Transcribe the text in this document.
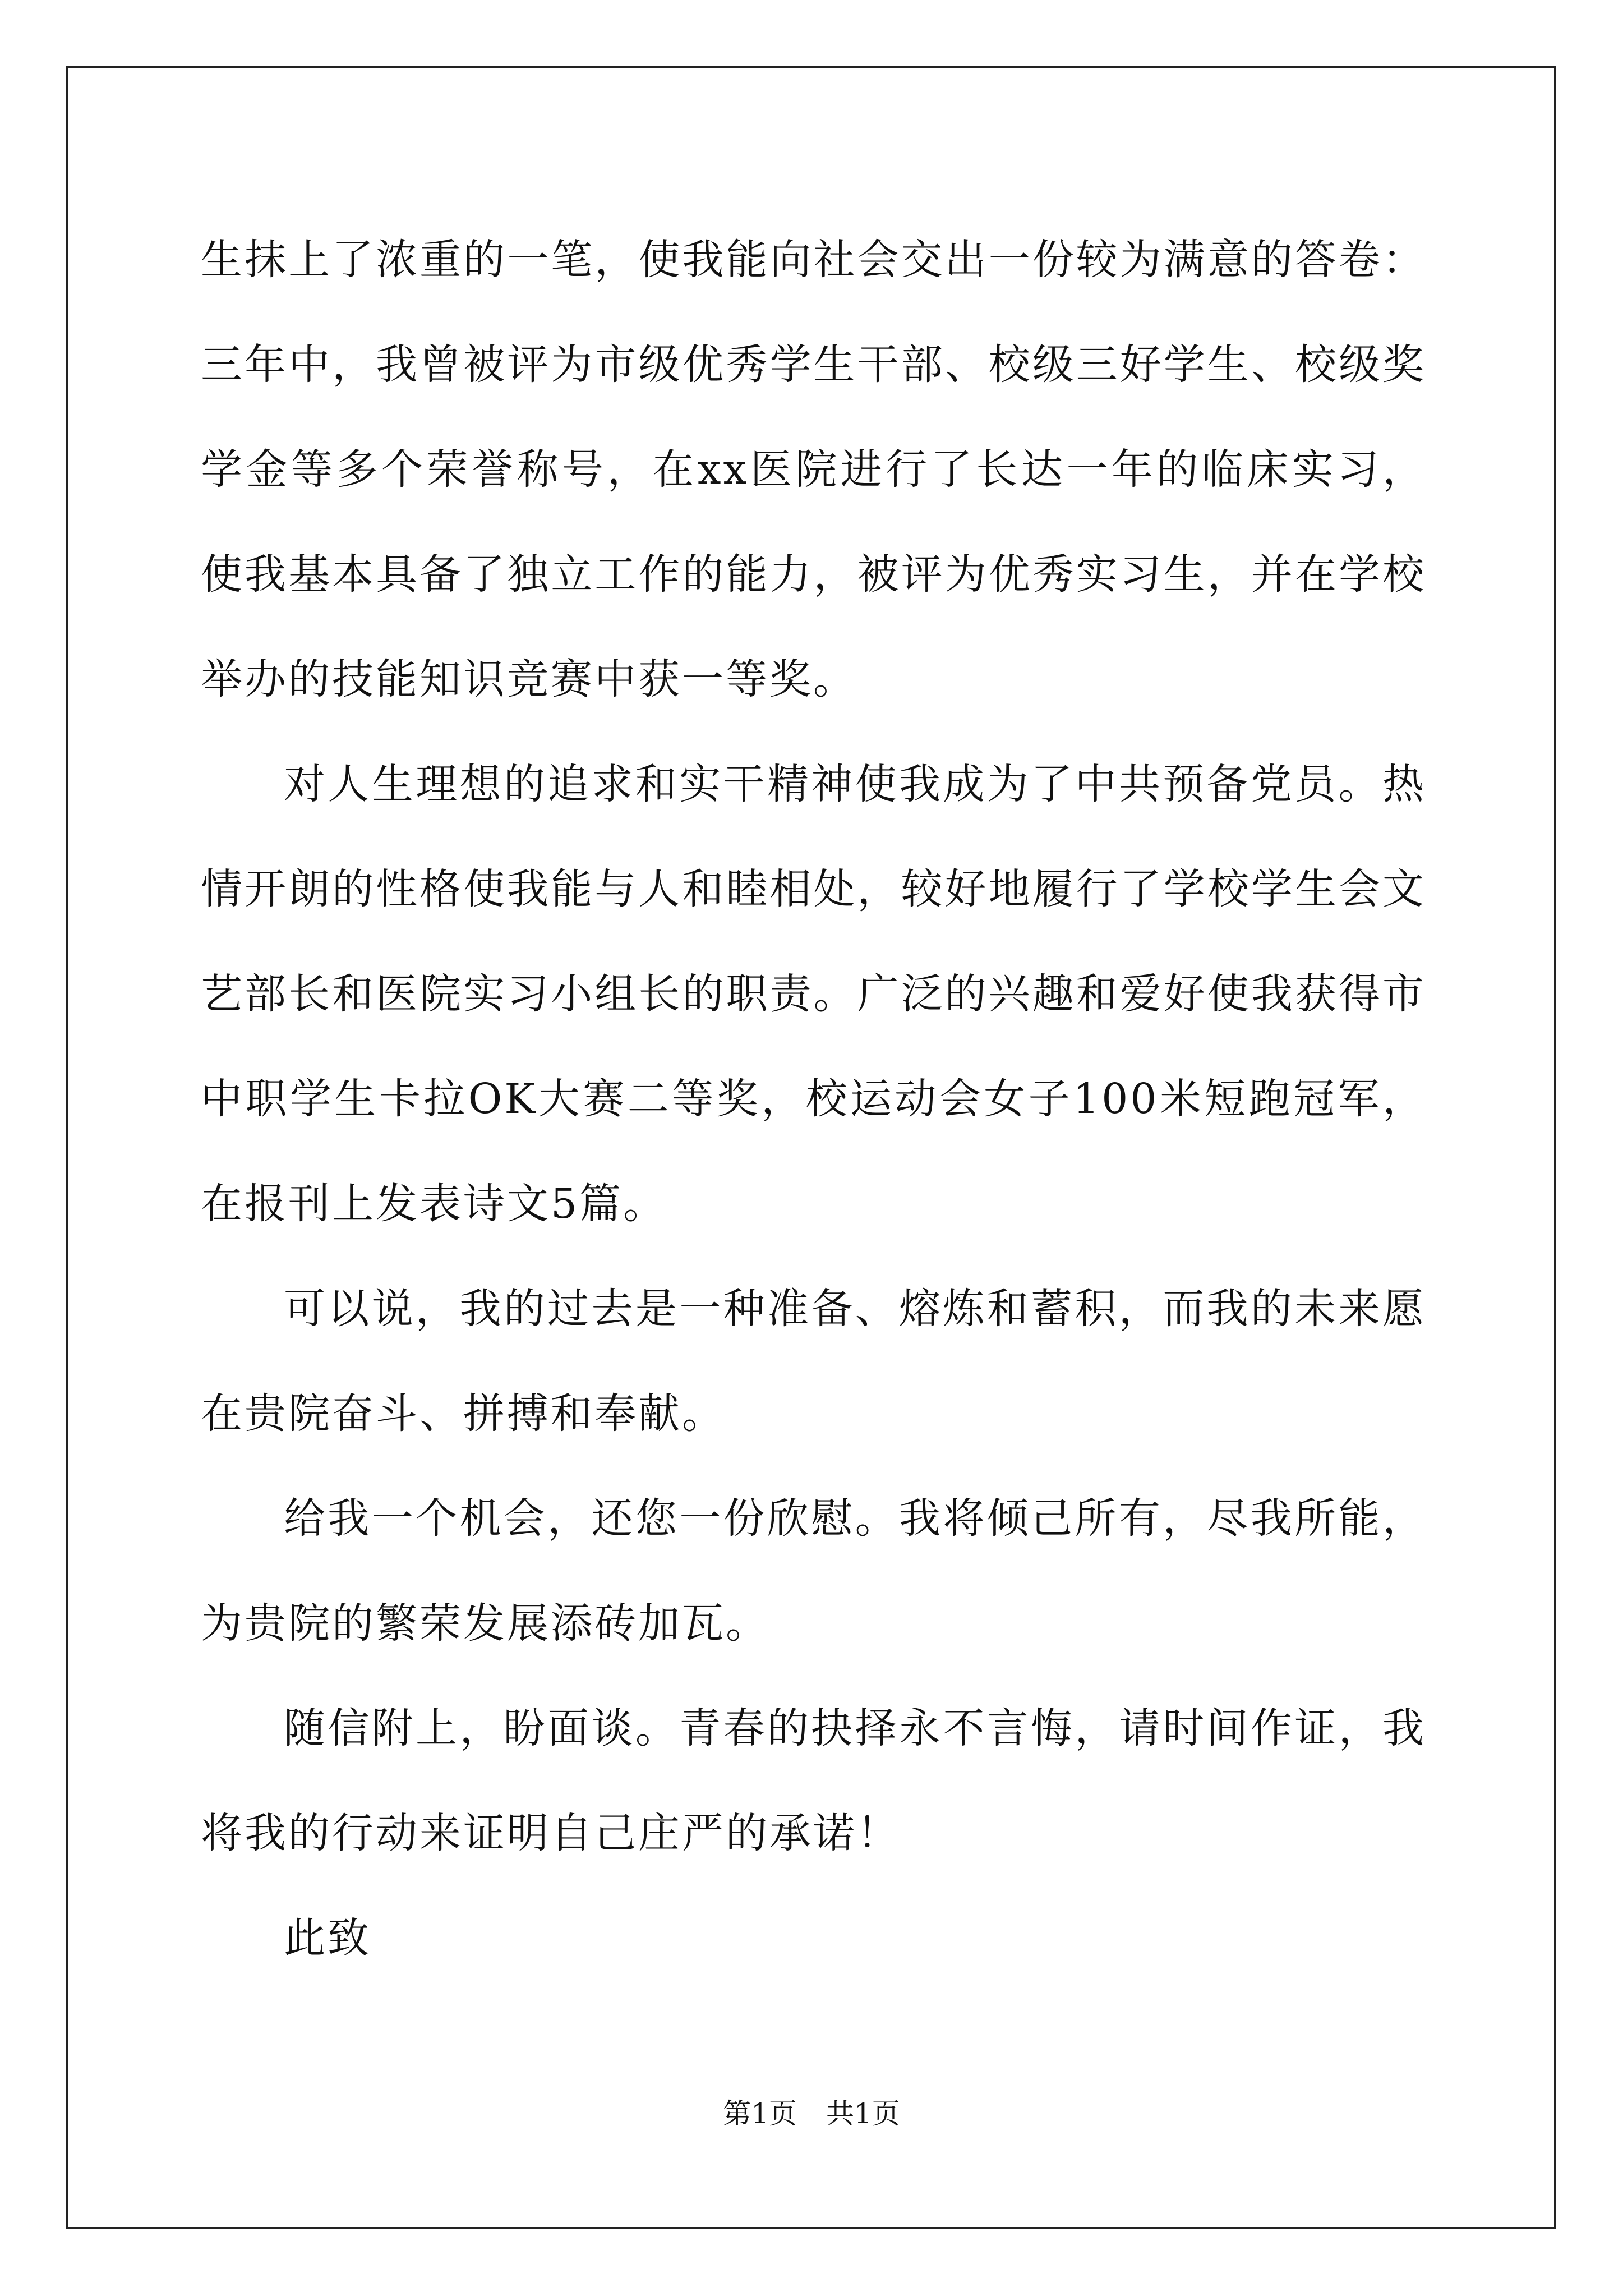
生抹上了浓重的一笔，使我能向社会交出一份较为满意的答卷：三年中，我曾被评为市级优秀学生干部、校级三好学生、校级奖学金等多个荣誉称号，在xx医院进行了长达一年的临床实习，使我基本具备了独立工作的能力，被评为优秀实习生，并在学校举办的技能知识竞赛中获一等奖。

对人生理想的追求和实干精神使我成为了中共预备党员。热情开朗的性格使我能与人和睦相处，较好地履行了学校学生会文艺部长和医院实习小组长的职责。广泛的兴趣和爱好使我获得市中职学生卡拉OK大赛二等奖，校运动会女子100米短跑冠军，在报刊上发表诗文5篇。

可以说，我的过去是一种准备、熔炼和蓄积，而我的未来愿在贵院奋斗、拼搏和奉献。

给我一个机会，还您一份欣慰。我将倾己所有，尽我所能，为贵院的繁荣发展添砖加瓦。

随信附上，盼面谈。青春的抉择永不言悔，请时间作证，我将我的行动来证明自己庄严的承诺！

此致

第1页 共1页
